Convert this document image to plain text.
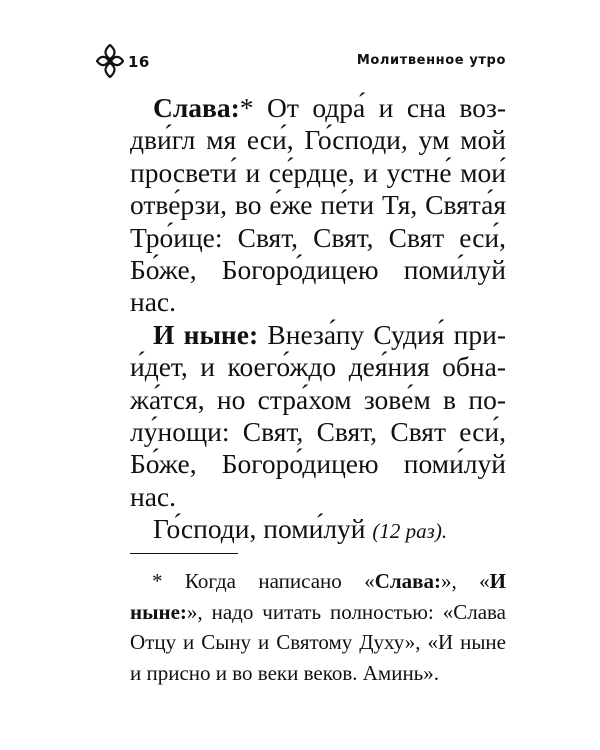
16	Молитвенное утро

Слава:* От одра́ и сна воздви́гл мя еси́, Го́споди, ум мой просвети́ и се́рдце, и устне́ мои́ отве́рзи, во е́же пе́ти Тя, Свята́я Тро́ице: Свят, Свят, Свят еси́, Бо́же, Богоро́дицею поми́луй нас.

И ныне: Внеза́пу Судия́ прии́дет, и коего́ждо дея́ния обнажа́тся, но стра́хом зове́м в полу́нощи: Свят, Свят, Свят еси́, Бо́же, Богоро́дицею поми́луй нас.

Го́споди, поми́луй (12 раз).

* Когда написано «Слава:», «И ныне:», надо читать полностью: «Слава Отцу и Сыну и Святому Духу», «И ныне и присно и во веки веков. Аминь».
